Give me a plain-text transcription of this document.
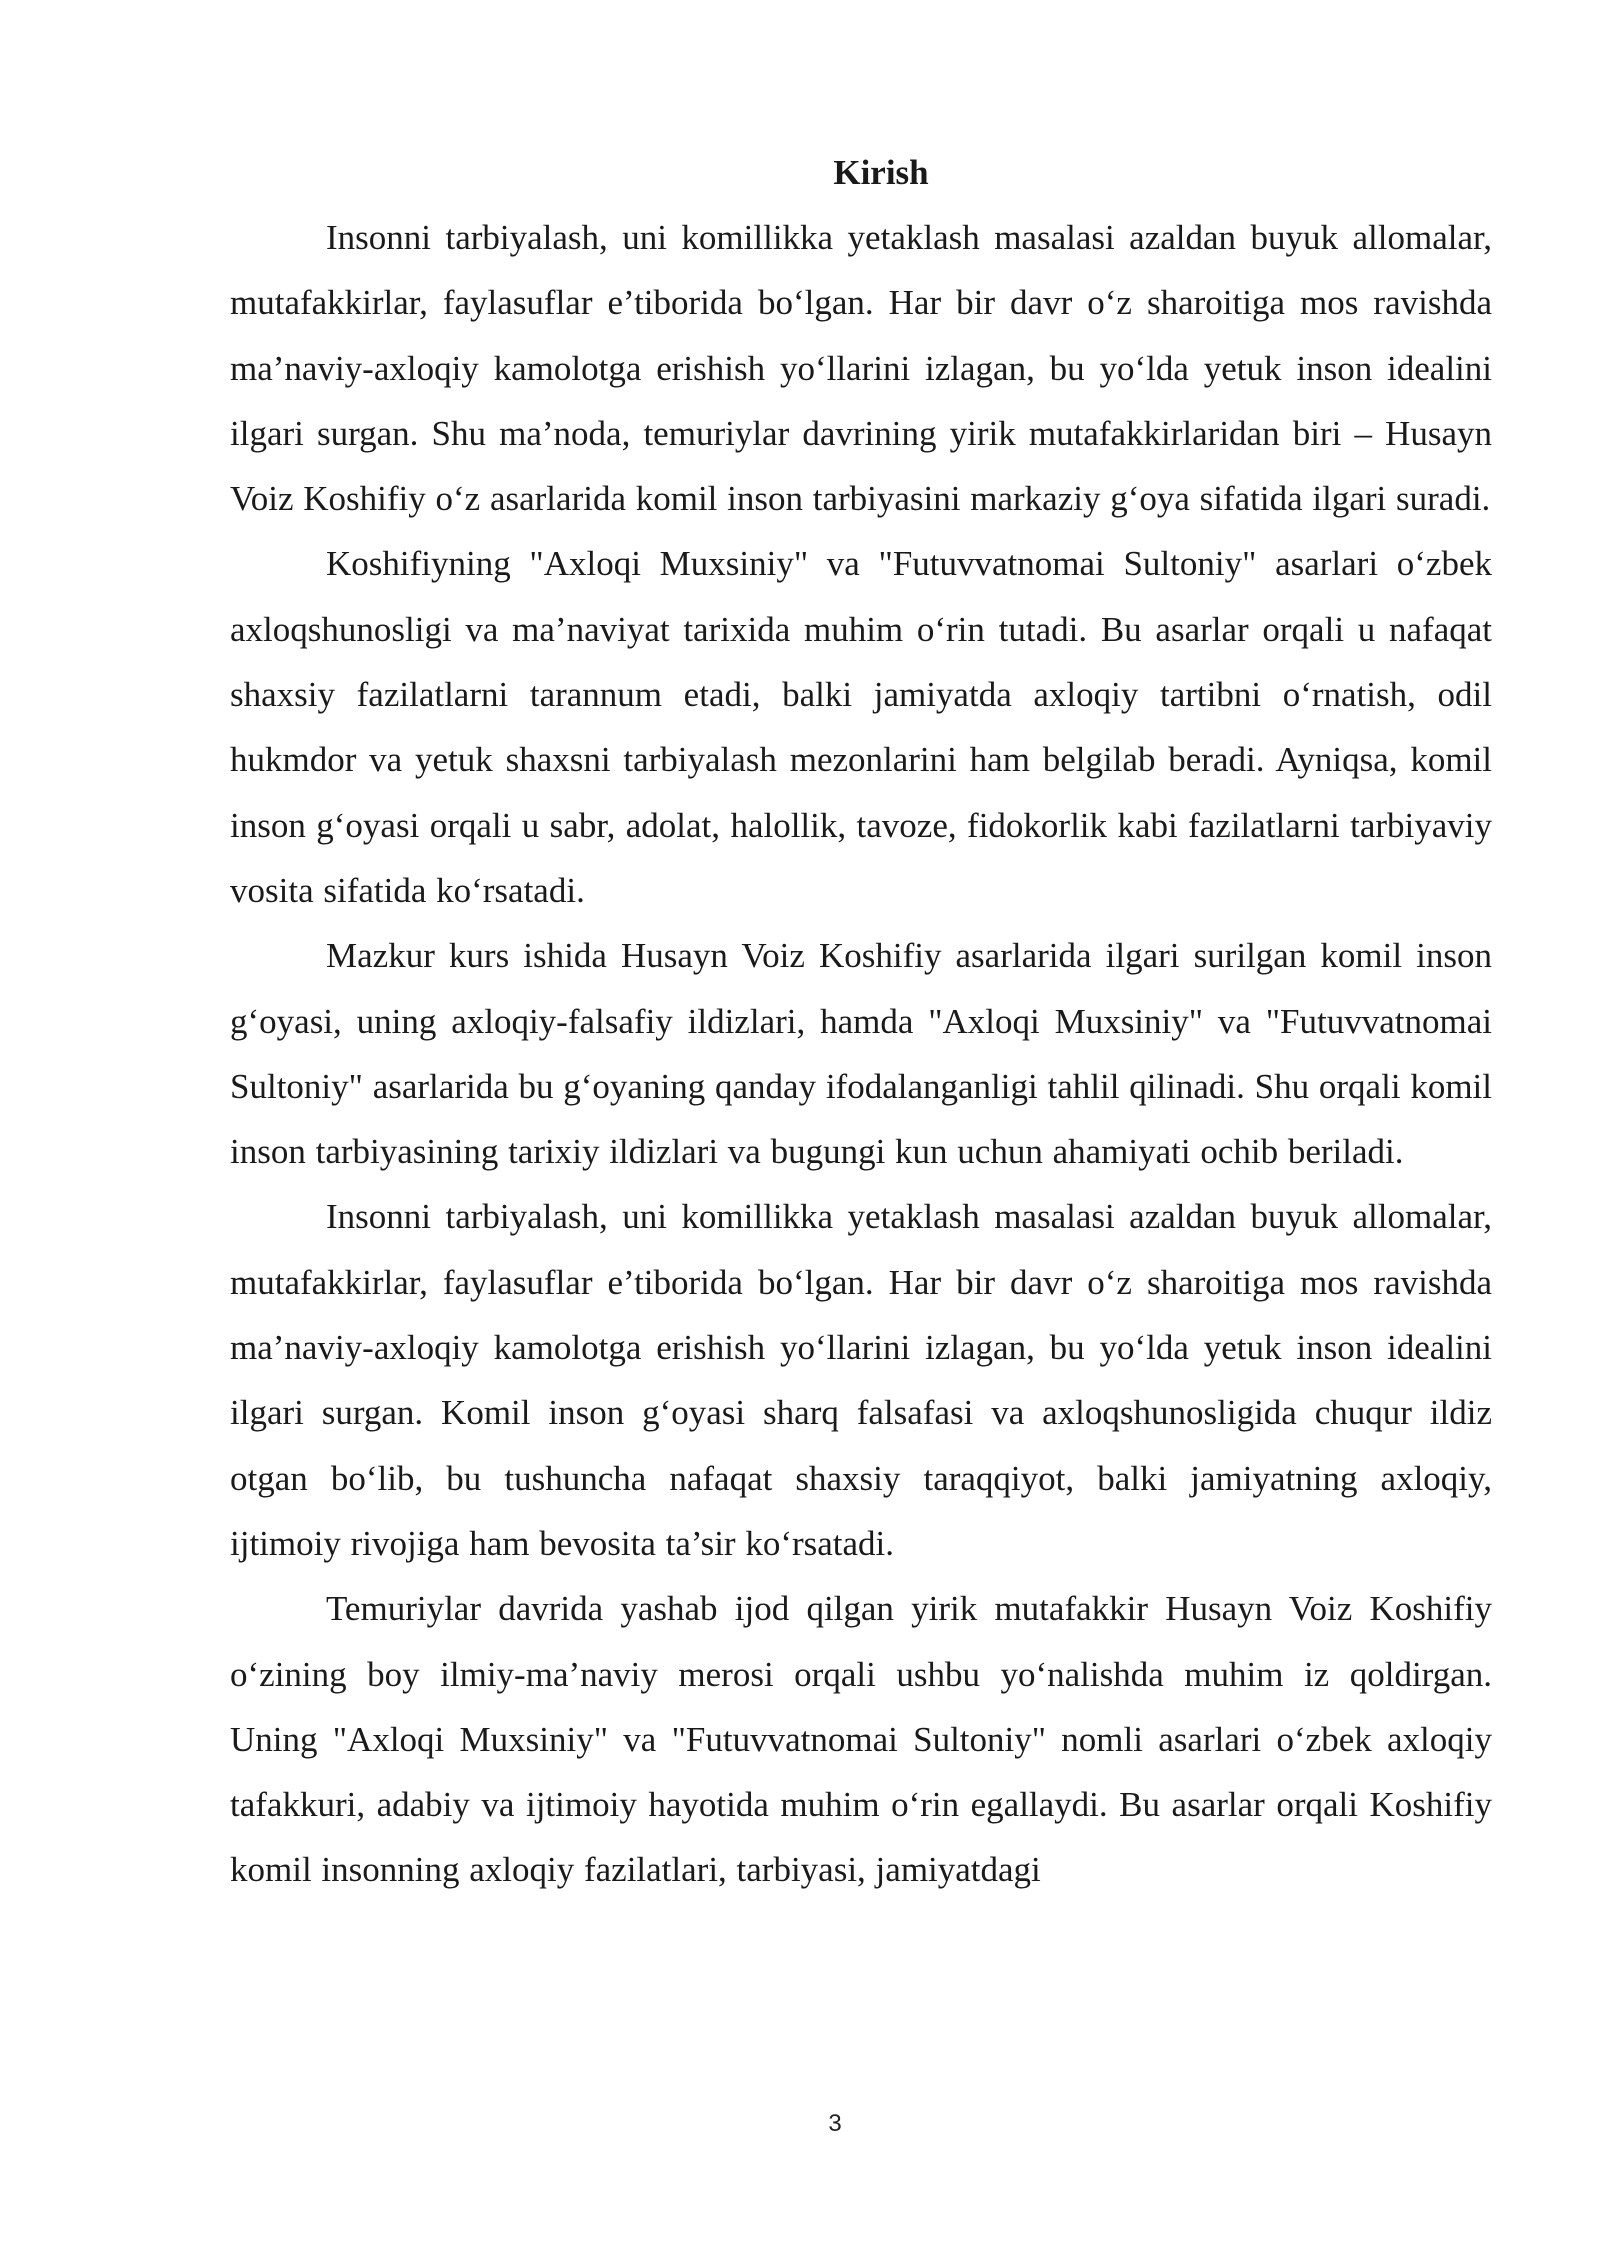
Kirish

Insonni tarbiyalash, uni komillikka yetaklash masalasi azaldan buyuk allomalar, mutafakkirlar, faylasuflar e’tiborida bo‘lgan. Har bir davr o‘z sharoitiga mos ravishda ma’naviy-axloqiy kamolotga erishish yo‘llarini izlagan, bu yo‘lda yetuk inson idealini ilgari surgan. Shu ma’noda, temuriylar davrining yirik mutafakkirlaridan biri – Husayn Voiz Koshifiy o‘z asarlarida komil inson tarbiyasini markaziy g‘oya sifatida ilgari suradi.

Koshifiyning "Axloqi Muxsiniy" va "Futuvvatnomai Sultoniy" asarlari o‘zbek axloqshunosligi va ma’naviyat tarixida muhim o‘rin tutadi. Bu asarlar orqali u nafaqat shaxsiy fazilatlarni tarannum etadi, balki jamiyatda axloqiy tartibni o‘rnatish, odil hukmdor va yetuk shaxsni tarbiyalash mezonlarini ham belgilab beradi. Ayniqsa, komil inson g‘oyasi orqali u sabr, adolat, halollik, tavoze, fidokorlik kabi fazilatlarni tarbiyaviy vosita sifatida ko‘rsatadi.

Mazkur kurs ishida Husayn Voiz Koshifiy asarlarida ilgari surilgan komil inson g‘oyasi, uning axloqiy-falsafiy ildizlari, hamda "Axloqi Muxsiniy" va "Futuvvatnomai Sultoniy" asarlarida bu g‘oyaning qanday ifodalanganligi tahlil qilinadi. Shu orqali komil inson tarbiyasining tarixiy ildizlari va bugungi kun uchun ahamiyati ochib beriladi.

Insonni tarbiyalash, uni komillikka yetaklash masalasi azaldan buyuk allomalar, mutafakkirlar, faylasuflar e’tiborida bo‘lgan. Har bir davr o‘z sharoitiga mos ravishda ma’naviy-axloqiy kamolotga erishish yo‘llarini izlagan, bu yo‘lda yetuk inson idealini ilgari surgan. Komil inson g‘oyasi sharq falsafasi va axloqshunosligida chuqur ildiz otgan bo‘lib, bu tushuncha nafaqat shaxsiy taraqqiyot, balki jamiyatning axloqiy, ijtimoiy rivojiga ham bevosita ta’sir ko‘rsatadi.

Temuriylar davrida yashab ijod qilgan yirik mutafakkir Husayn Voiz Koshifiy o‘zining boy ilmiy-ma’naviy merosi orqali ushbu yo‘nalishda muhim iz qoldirgan. Uning "Axloqi Muxsiniy" va "Futuvvatnomai Sultoniy" nomli asarlari o‘zbek axloqiy tafakkuri, adabiy va ijtimoiy hayotida muhim o‘rin egallaydi. Bu asarlar orqali Koshifiy komil insonning axloqiy fazilatlari, tarbiyasi, jamiyatdagi

3
